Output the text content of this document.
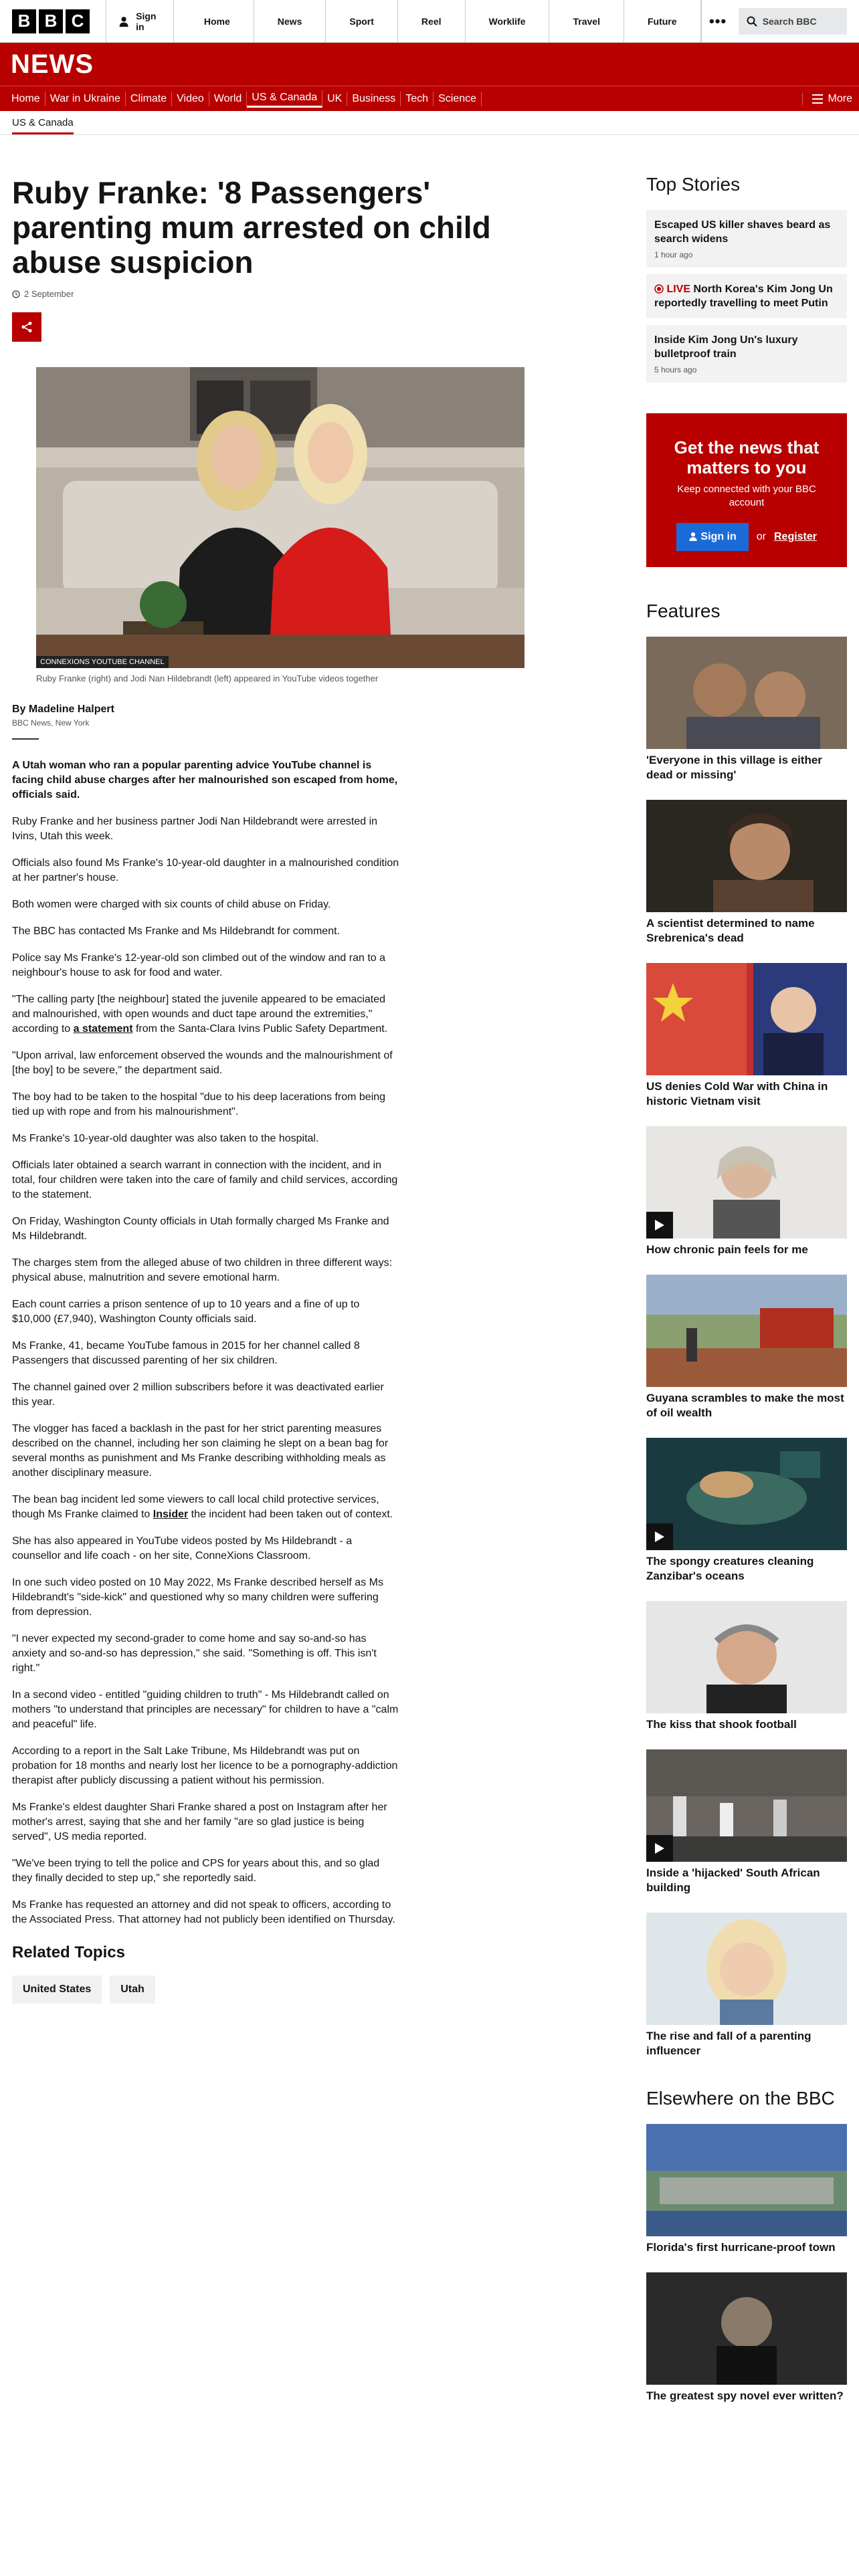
B B C	Sign in	Home	News	Sport	Reel	Worklife	Travel	Future	•••	Search BBC
NEWS
Home War in Ukraine Climate Video World US & Canada UK Business Tech Science	More
US & Canada
Ruby Franke: '8 Passengers' parenting mum arrested on child abuse suspicion
2 September
CONNEXIONS YOUTUBE CHANNEL
Ruby Franke (right) and Jodi Nan Hildebrandt (left) appeared in YouTube videos together
By Madeline Halpert
BBC News, New York

A Utah woman who ran a popular parenting advice YouTube channel is facing child abuse charges after her malnourished son escaped from home, officials said.

Ruby Franke and her business partner Jodi Nan Hildebrandt were arrested in Ivins, Utah this week.

Officials also found Ms Franke's 10-year-old daughter in a malnourished condition at her partner's house.

Both women were charged with six counts of child abuse on Friday.

The BBC has contacted Ms Franke and Ms Hildebrandt for comment.

Police say Ms Franke's 12-year-old son climbed out of the window and ran to a neighbour's house to ask for food and water.

"The calling party [the neighbour] stated the juvenile appeared to be emaciated and malnourished, with open wounds and duct tape around the extremities," according to a statement from the Santa-Clara Ivins Public Safety Department.

"Upon arrival, law enforcement observed the wounds and the malnourishment of [the boy] to be severe," the department said.

The boy had to be taken to the hospital "due to his deep lacerations from being tied up with rope and from his malnourishment".

Ms Franke's 10-year-old daughter was also taken to the hospital.

Officials later obtained a search warrant in connection with the incident, and in total, four children were taken into the care of family and child services, according to the statement.

On Friday, Washington County officials in Utah formally charged Ms Franke and Ms Hildebrandt.

The charges stem from the alleged abuse of two children in three different ways: physical abuse, malnutrition and severe emotional harm.

Each count carries a prison sentence of up to 10 years and a fine of up to $10,000 (£7,940), Washington County officials said.

Ms Franke, 41, became YouTube famous in 2015 for her channel called 8 Passengers that discussed parenting of her six children.

The channel gained over 2 million subscribers before it was deactivated earlier this year.

The vlogger has faced a backlash in the past for her strict parenting measures described on the channel, including her son claiming he slept on a bean bag for several months as punishment and Ms Franke describing withholding meals as another disciplinary measure.

The bean bag incident led some viewers to call local child protective services, though Ms Franke claimed to Insider the incident had been taken out of context.

She has also appeared in YouTube videos posted by Ms Hildebrandt - a counsellor and life coach - on her site, ConneXions Classroom.

In one such video posted on 10 May 2022, Ms Franke described herself as Ms Hildebrandt's "side-kick" and questioned why so many children were suffering from depression.

"I never expected my second-grader to come home and say so-and-so has anxiety and so-and-so has depression," she said. "Something is off. This isn't right."

In a second video - entitled "guiding children to truth" - Ms Hildebrandt called on mothers "to understand that principles are necessary" for children to have a "calm and peaceful" life.

According to a report in the Salt Lake Tribune, Ms Hildebrandt was put on probation for 18 months and nearly lost her licence to be a pornography-addiction therapist after publicly discussing a patient without his permission.

Ms Franke's eldest daughter Shari Franke shared a post on Instagram after her mother's arrest, saying that she and her family "are so glad justice is being served", US media reported.

"We've been trying to tell the police and CPS for years about this, and so glad they finally decided to step up," she reportedly said.

Ms Franke has requested an attorney and did not speak to officers, according to the Associated Press. That attorney had not publicly been identified on Thursday.

Related Topics
United States	Utah
Top Stories
Escaped US killer shaves beard as search widens
1 hour ago
LIVE North Korea's Kim Jong Un reportedly travelling to meet Putin
Inside Kim Jong Un's luxury bulletproof train
5 hours ago
Get the news that matters to you
Keep connected with your BBC account
Sign in	or Register
Features
'Everyone in this village is either dead or missing'
A scientist determined to name Srebrenica's dead
US denies Cold War with China in historic Vietnam visit
How chronic pain feels for me
Guyana scrambles to make the most of oil wealth
The spongy creatures cleaning Zanzibar's oceans
The kiss that shook football
Inside a 'hijacked' South African building
The rise and fall of a parenting influencer
Elsewhere on the BBC
Florida's first hurricane-proof town
The greatest spy novel ever written?
